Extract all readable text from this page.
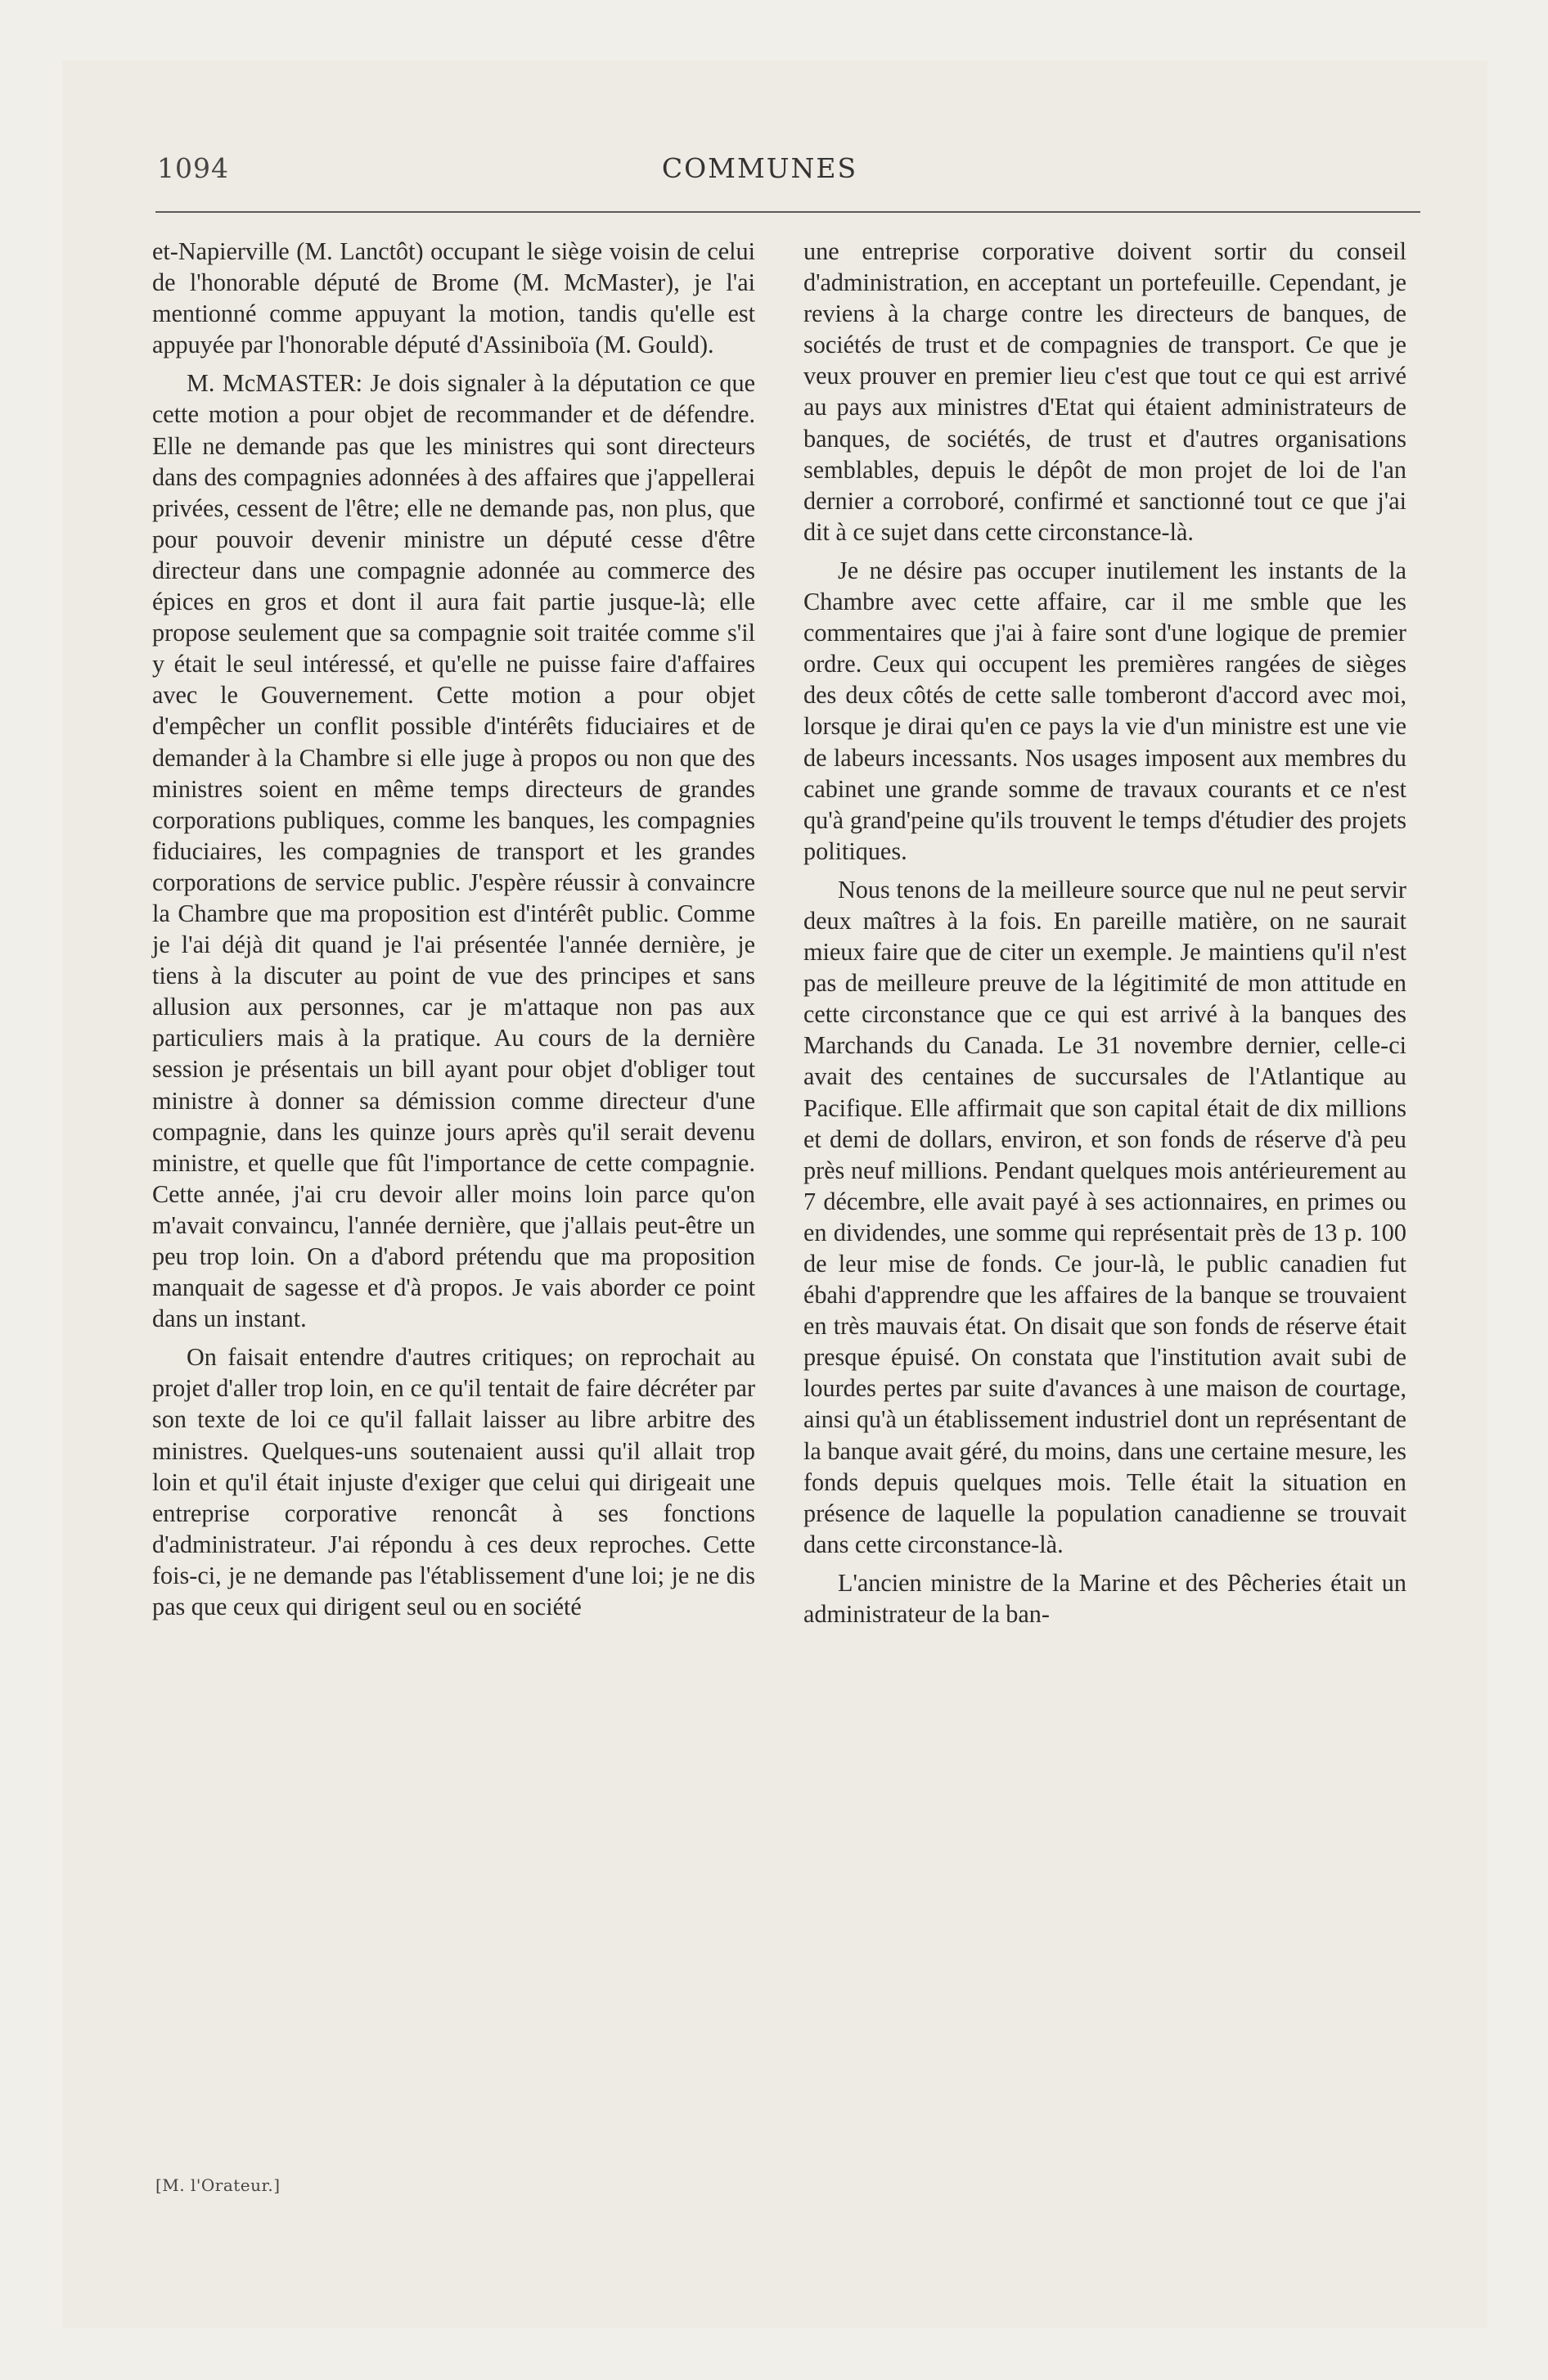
1094	COMMUNES

et-Napierville (M. Lanctôt) occupant le siège voisin de celui de l'honorable député de Brome (M. McMaster), je l'ai mentionné comme appuyant la motion, tandis qu'elle est appuyée par l'honorable député d'Assiniboïa (M. Gould).

M. McMASTER: Je dois signaler à la députation ce que cette motion a pour objet de recommander et de défendre. Elle ne demande pas que les ministres qui sont directeurs dans des compagnies adonnées à des affaires que j'appellerai privées, cessent de l'être; elle ne demande pas, non plus, que pour pouvoir devenir ministre un député cesse d'être directeur dans une compagnie adonnée au commerce des épices en gros et dont il aura fait partie jusque-là; elle propose seulement que sa compagnie soit traitée comme s'il y était le seul intéressé, et qu'elle ne puisse faire d'affaires avec le Gouvernement. Cette motion a pour objet d'empêcher un conflit possible d'intérêts fiduciaires et de demander à la Chambre si elle juge à propos ou non que des ministres soient en même temps directeurs de grandes corporations publiques, comme les banques, les compagnies fiduciaires, les compagnies de transport et les grandes corporations de service public. J'espère réussir à convaincre la Chambre que ma proposition est d'intérêt public. Comme je l'ai déjà dit quand je l'ai présentée l'année dernière, je tiens à la discuter au point de vue des principes et sans allusion aux personnes, car je m'attaque non pas aux particuliers mais à la pratique. Au cours de la dernière session je présentais un bill ayant pour objet d'obliger tout ministre à donner sa démission comme directeur d'une compagnie, dans les quinze jours après qu'il serait devenu ministre, et quelle que fût l'importance de cette compagnie. Cette année, j'ai cru devoir aller moins loin parce qu'on m'avait convaincu, l'année dernière, que j'allais peut-être un peu trop loin. On a d'abord prétendu que ma proposition manquait de sagesse et d'à propos. Je vais aborder ce point dans un instant.

On faisait entendre d'autres critiques; on reprochait au projet d'aller trop loin, en ce qu'il tentait de faire décréter par son texte de loi ce qu'il fallait laisser au libre arbitre des ministres. Quelques-uns soutenaient aussi qu'il allait trop loin et qu'il était injuste d'exiger que celui qui dirigeait une entreprise corporative renoncât à ses fonctions d'administrateur. J'ai répondu à ces deux reproches. Cette fois-ci, je ne demande pas l'établissement d'une loi; je ne dis pas que ceux qui dirigent seul ou en société

une entreprise corporative doivent sortir du conseil d'administration, en acceptant un portefeuille. Cependant, je reviens à la charge contre les directeurs de banques, de sociétés de trust et de compagnies de transport. Ce que je veux prouver en premier lieu c'est que tout ce qui est arrivé au pays aux ministres d'Etat qui étaient administrateurs de banques, de sociétés, de trust et d'autres organisations semblables, depuis le dépôt de mon projet de loi de l'an dernier a corroboré, confirmé et sanctionné tout ce que j'ai dit à ce sujet dans cette circonstance-là.

Je ne désire pas occuper inutilement les instants de la Chambre avec cette affaire, car il me smble que les commentaires que j'ai à faire sont d'une logique de premier ordre. Ceux qui occupent les premières rangées de sièges des deux côtés de cette salle tomberont d'accord avec moi, lorsque je dirai qu'en ce pays la vie d'un ministre est une vie de labeurs incessants. Nos usages imposent aux membres du cabinet une grande somme de travaux courants et ce n'est qu'à grand'peine qu'ils trouvent le temps d'étudier des projets politiques.

Nous tenons de la meilleure source que nul ne peut servir deux maîtres à la fois. En pareille matière, on ne saurait mieux faire que de citer un exemple. Je maintiens qu'il n'est pas de meilleure preuve de la légitimité de mon attitude en cette circonstance que ce qui est arrivé à la banques des Marchands du Canada. Le 31 novembre dernier, celle-ci avait des centaines de succursales de l'Atlantique au Pacifique. Elle affirmait que son capital était de dix millions et demi de dollars, environ, et son fonds de réserve d'à peu près neuf millions. Pendant quelques mois antérieurement au 7 décembre, elle avait payé à ses actionnaires, en primes ou en dividendes, une somme qui représentait près de 13 p. 100 de leur mise de fonds. Ce jour-là, le public canadien fut ébahi d'apprendre que les affaires de la banque se trouvaient en très mauvais état. On disait que son fonds de réserve était presque épuisé. On constata que l'institution avait subi de lourdes pertes par suite d'avances à une maison de courtage, ainsi qu'à un établissement industriel dont un représentant de la banque avait géré, du moins, dans une certaine mesure, les fonds depuis quelques mois. Telle était la situation en présence de laquelle la population canadienne se trouvait dans cette circonstance-là.

L'ancien ministre de la Marine et des Pêcheries était un administrateur de la ban-

[M. l'Orateur.]
